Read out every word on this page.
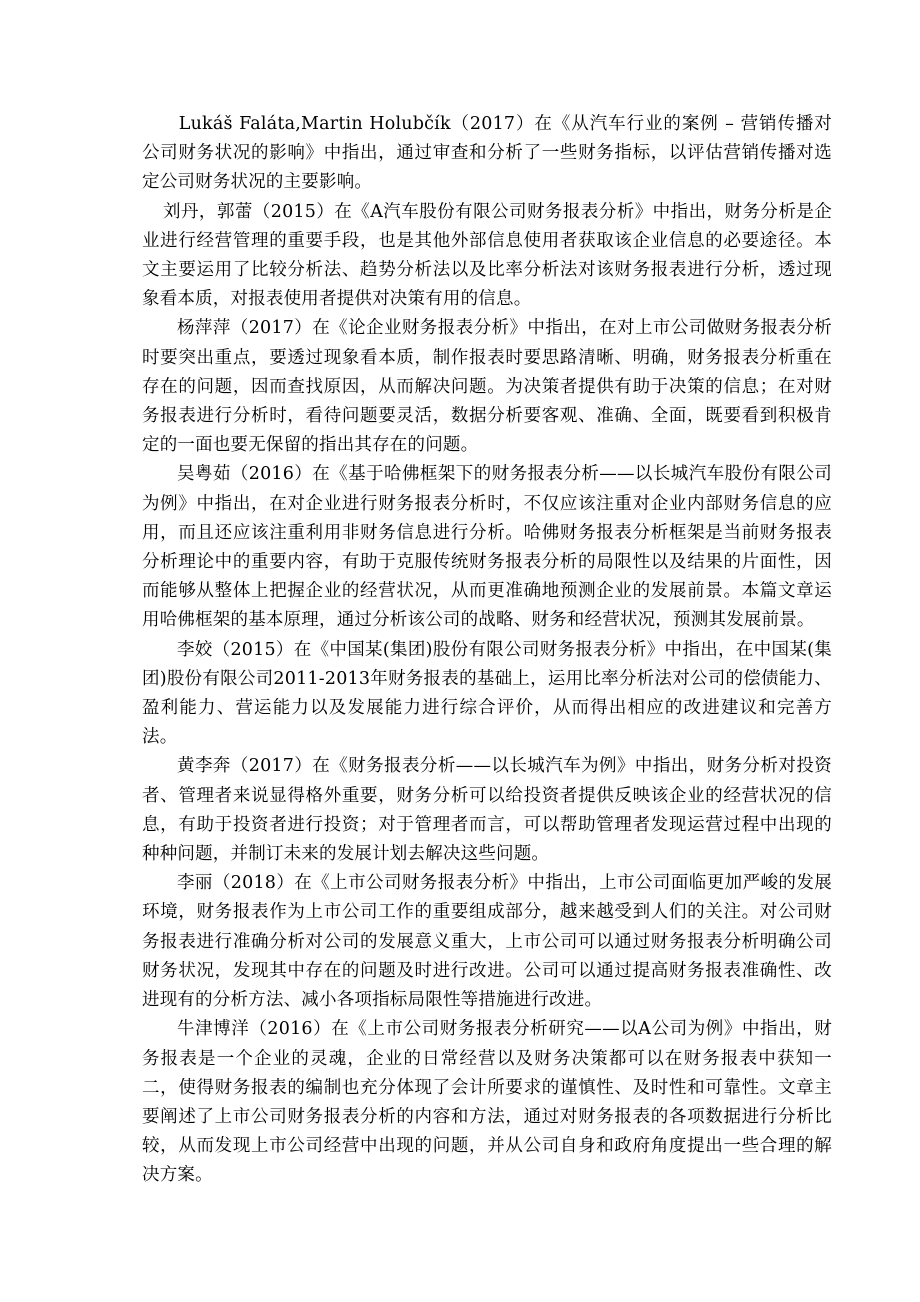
Lukáš Faláta,Martin Holubčík（2017）在《从汽车行业的案例 – 营销传播对公司财务状况的影响》中指出，通过审查和分析了一些财务指标，以评估营销传播对选定公司财务状况的主要影响。

刘丹，郭蕾（2015）在《A汽车股份有限公司财务报表分析》中指出，财务分析是企业进行经营管理的重要手段，也是其他外部信息使用者获取该企业信息的必要途径。本文主要运用了比较分析法、趋势分析法以及比率分析法对该财务报表进行分析，透过现象看本质，对报表使用者提供对决策有用的信息。

杨萍萍（2017）在《论企业财务报表分析》中指出，在对上市公司做财务报表分析时要突出重点，要透过现象看本质，制作报表时要思路清晰、明确，财务报表分析重在存在的问题，因而查找原因，从而解决问题。为决策者提供有助于决策的信息；在对财务报表进行分析时，看待问题要灵活，数据分析要客观、准确、全面，既要看到积极肯定的一面也要无保留的指出其存在的问题。

吴粤茹（2016）在《基于哈佛框架下的财务报表分析——以长城汽车股份有限公司为例》中指出，在对企业进行财务报表分析时，不仅应该注重对企业内部财务信息的应用，而且还应该注重利用非财务信息进行分析。哈佛财务报表分析框架是当前财务报表分析理论中的重要内容，有助于克服传统财务报表分析的局限性以及结果的片面性，因而能够从整体上把握企业的经营状况，从而更准确地预测企业的发展前景。本篇文章运用哈佛框架的基本原理，通过分析该公司的战略、财务和经营状况，预测其发展前景。

李姣（2015）在《中国某(集团)股份有限公司财务报表分析》中指出，在中国某(集团)股份有限公司2011-2013年财务报表的基础上，运用比率分析法对公司的偿债能力、盈利能力、营运能力以及发展能力进行综合评价，从而得出相应的改进建议和完善方法。

黄李奔（2017）在《财务报表分析——以长城汽车为例》中指出，财务分析对投资者、管理者来说显得格外重要，财务分析可以给投资者提供反映该企业的经营状况的信息，有助于投资者进行投资；对于管理者而言，可以帮助管理者发现运营过程中出现的种种问题，并制订未来的发展计划去解决这些问题。

李丽（2018）在《上市公司财务报表分析》中指出，上市公司面临更加严峻的发展环境，财务报表作为上市公司工作的重要组成部分，越来越受到人们的关注。对公司财务报表进行准确分析对公司的发展意义重大，上市公司可以通过财务报表分析明确公司财务状况，发现其中存在的问题及时进行改进。公司可以通过提高财务报表准确性、改进现有的分析方法、减小各项指标局限性等措施进行改进。

牛津博洋（2016）在《上市公司财务报表分析研究——以A公司为例》中指出，财务报表是一个企业的灵魂，企业的日常经营以及财务决策都可以在财务报表中获知一二，使得财务报表的编制也充分体现了会计所要求的谨慎性、及时性和可靠性。文章主要阐述了上市公司财务报表分析的内容和方法，通过对财务报表的各项数据进行分析比较，从而发现上市公司经营中出现的问题，并从公司自身和政府角度提出一些合理的解决方案。
